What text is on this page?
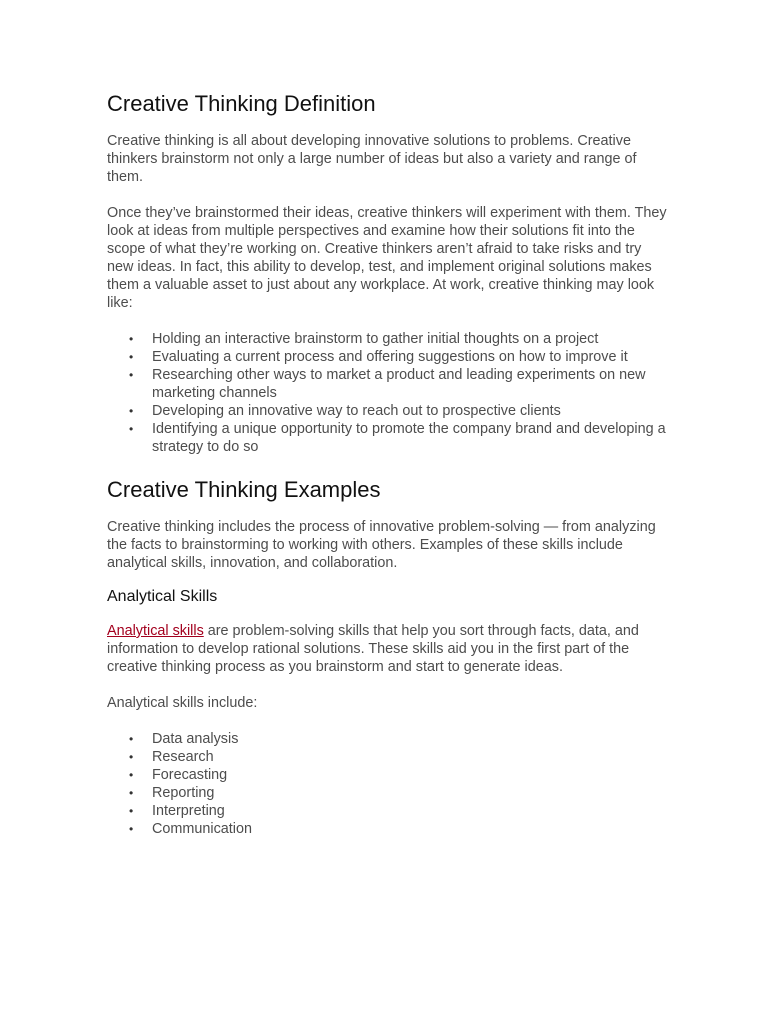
Creative Thinking Definition

Creative thinking is all about developing innovative solutions to problems. Creative thinkers brainstorm not only a large number of ideas but also a variety and range of them.

Once they’ve brainstormed their ideas, creative thinkers will experiment with them. They look at ideas from multiple perspectives and examine how their solutions fit into the scope of what they’re working on. Creative thinkers aren’t afraid to take risks and try new ideas. In fact, this ability to develop, test, and implement original solutions makes them a valuable asset to just about any workplace. At work, creative thinking may look like:

• Holding an interactive brainstorm to gather initial thoughts on a project
• Evaluating a current process and offering suggestions on how to improve it
• Researching other ways to market a product and leading experiments on new marketing channels
• Developing an innovative way to reach out to prospective clients
• Identifying a unique opportunity to promote the company brand and developing a strategy to do so
Creative Thinking Examples

Creative thinking includes the process of innovative problem-solving — from analyzing the facts to brainstorming to working with others. Examples of these skills include analytical skills, innovation, and collaboration.

Analytical Skills

Analytical skills are problem-solving skills that help you sort through facts, data, and information to develop rational solutions. These skills aid you in the first part of the creative thinking process as you brainstorm and start to generate ideas.

Analytical skills include:

• Data analysis
• Research
• Forecasting
• Reporting
• Interpreting
• Communication
